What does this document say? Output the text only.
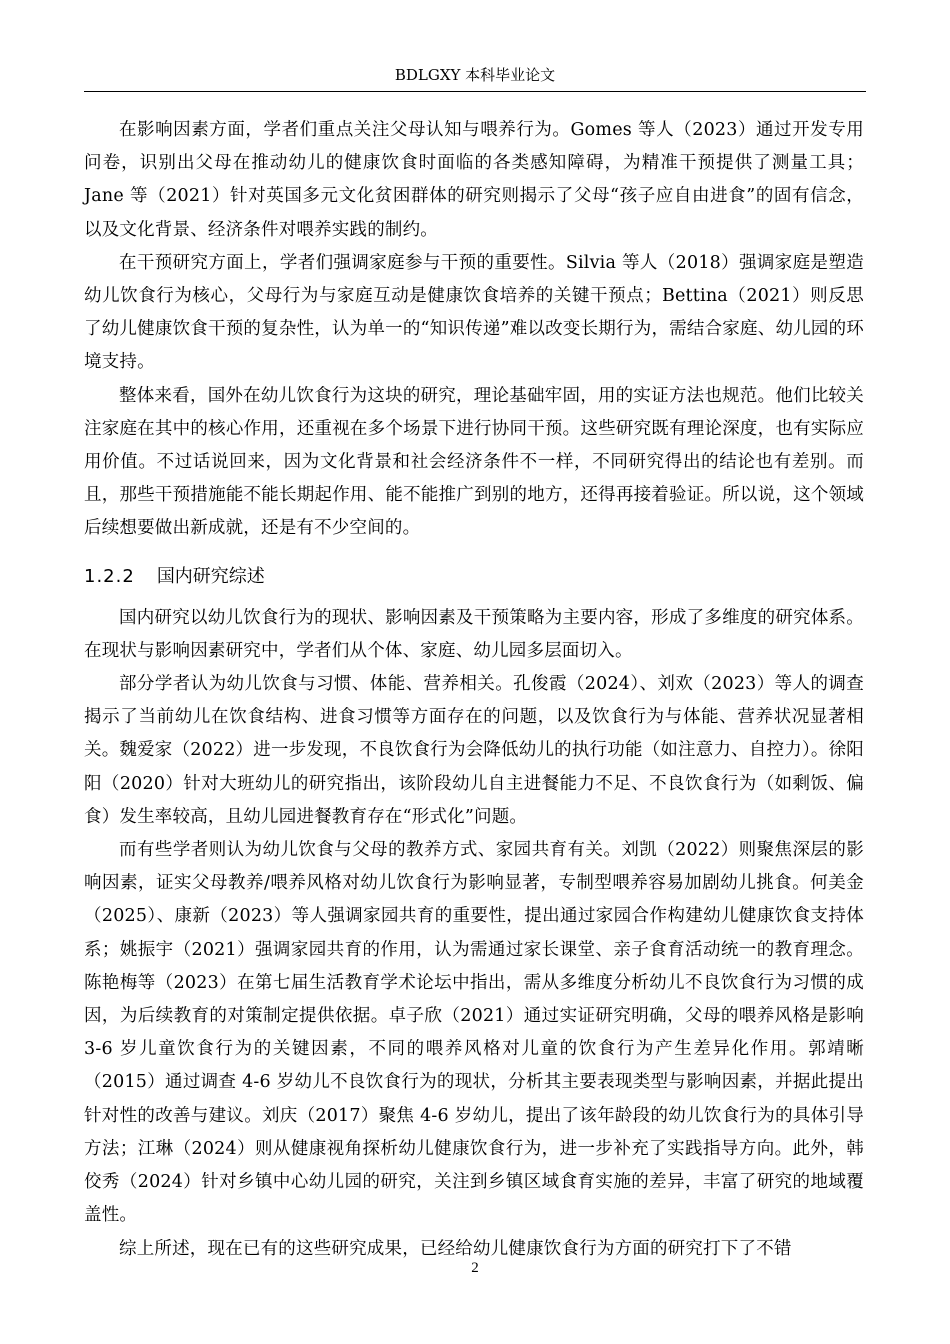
BDLGXY 本科毕业论文

在影响因素方面，学者们重点关注父母认知与喂养行为。Gomes 等人（2023）通过开发专用问卷，识别出父母在推动幼儿的健康饮食时面临的各类感知障碍，为精准干预提供了测量工具；Jane 等（2021）针对英国多元文化贫困群体的研究则揭示了父母“孩子应自由进食”的固有信念，以及文化背景、经济条件对喂养实践的制约。

在干预研究方面上，学者们强调家庭参与干预的重要性。Silvia 等人（2018）强调家庭是塑造幼儿饮食行为核心，父母行为与家庭互动是健康饮食培养的关键干预点；Bettina（2021）则反思了幼儿健康饮食干预的复杂性，认为单一的“知识传递”难以改变长期行为，需结合家庭、幼儿园的环境支持。

整体来看，国外在幼儿饮食行为这块的研究，理论基础牢固，用的实证方法也规范。他们比较关注家庭在其中的核心作用，还重视在多个场景下进行协同干预。这些研究既有理论深度，也有实际应用价值。不过话说回来，因为文化背景和社会经济条件不一样，不同研究得出的结论也有差别。而且，那些干预措施能不能长期起作用、能不能推广到别的地方，还得再接着验证。所以说，这个领域后续想要做出新成就，还是有不少空间的。

1.2.2 国内研究综述

国内研究以幼儿饮食行为的现状、影响因素及干预策略为主要内容，形成了多维度的研究体系。在现状与影响因素研究中，学者们从个体、家庭、幼儿园多层面切入。

部分学者认为幼儿饮食与习惯、体能、营养相关。孔俊霞（2024）、刘欢（2023）等人的调查揭示了当前幼儿在饮食结构、进食习惯等方面存在的问题，以及饮食行为与体能、营养状况显著相关。魏爱家（2022）进一步发现，不良饮食行为会降低幼儿的执行功能（如注意力、自控力）。徐阳阳（2020）针对大班幼儿的研究指出，该阶段幼儿自主进餐能力不足、不良饮食行为（如剩饭、偏食）发生率较高，且幼儿园进餐教育存在“形式化”问题。

而有些学者则认为幼儿饮食与父母的教养方式、家园共育有关。刘凯（2022）则聚焦深层的影响因素，证实父母教养/喂养风格对幼儿饮食行为影响显著，专制型喂养容易加剧幼儿挑食。何美金（2025）、康新（2023）等人强调家园共育的重要性，提出通过家园合作构建幼儿健康饮食支持体系；姚振宇（2021）强调家园共育的作用，认为需通过家长课堂、亲子食育活动统一的教育理念。陈艳梅等（2023）在第七届生活教育学术论坛中指出，需从多维度分析幼儿不良饮食行为习惯的成因，为后续教育的对策制定提供依据。卓子欣（2021）通过实证研究明确，父母的喂养风格是影响 3-6 岁儿童饮食行为的关键因素，不同的喂养风格对儿童的饮食行为产生差异化作用。郭靖晰（2015）通过调查 4-6 岁幼儿不良饮食行为的现状，分析其主要表现类型与影响因素，并据此提出针对性的改善与建议。刘庆（2017）聚焦 4-6 岁幼儿，提出了该年龄段的幼儿饮食行为的具体引导方法；江琳（2024）则从健康视角探析幼儿健康饮食行为，进一步补充了实践指导方向。此外，韩佼秀（2024）针对乡镇中心幼儿园的研究，关注到乡镇区域食育实施的差异，丰富了研究的地域覆盖性。

综上所述，现在已有的这些研究成果，已经给幼儿健康饮食行为方面的研究打下了不错

2
